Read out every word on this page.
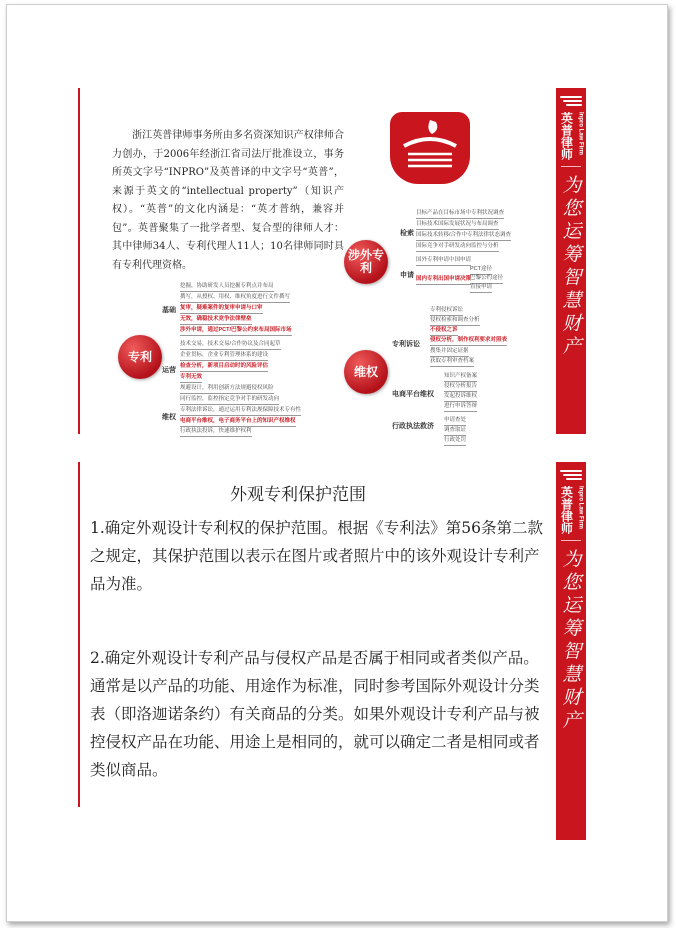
英普律师 Inpro Law Firm
为您运筹智慧财产
英普律师 Inpro Law Firm
为您运筹智慧财产
浙江英普律师事务所由多名资深知识产权律师合力创办，于2006年经浙江省司法厅批准设立，事务所英文字号“INPRO”及英普译的中文字号“英普”，来源于英文的“intellectual property”（知识产权）。“英普”的文化内涵是：“英才普纳，兼容并包”。英普聚集了一批学者型、复合型的律师人才：其中律师34人、专利代理人11人；10名律师同时具有专利代理资格。
涉外专利
检索
申请
目标产品在目标市场中专利状况调查
目标技术国际发展状况与布局调查
国际技术转移/合作中专利法律状态调查
国际竞争对手研发动向监控与分析
国外专利申请中国申请
PCT途径
巴黎公约途径
直接申请
国内专利出国申请决策
专利
基础
运营
维权
挖掘，协助研发人员挖掘专利点并布局
撰写，从授权、用权、维权角度进行文件撰写
复审，疑难案件的复审申请与口审
无效，确稳技术竞争法律壁垒
涉外申请，通过PCT/巴黎公约来布局国际市场
技术交易，技术交易/合作协议及合同起草
企业贯标，企业专利管理体系的建设
检查分析，新项目启动时的风险评估
专利无效
规避设计，利用创新方法规避侵权风险
同行监控，监控指定竞争对手的研发动向
专利法律诉讼，通过运用专利法规保障技术专有性
电商平台维权，电子商务平台上的知识产权维权
行政执法投诉，快速维护权利
维权
专利诉讼
电商平台维权
行政执法救济
专利侵权诉讼
侵权检索和调查分析
不侵权之诉
侵权分析，制作权利要求对照表
搜集并固定证据
获取专利审查档案
知识产权备案
侵权分析报告
发起投诉维权
进行申诉答辩
申请查处
调查取证
行政处罚
外观专利保护范围
1.确定外观设计专利权的保护范围。根据《专利法》第56条第二款之规定，其保护范围以表示在图片或者照片中的该外观设计专利产品为准。
2.确定外观设计专利产品与侵权产品是否属于相同或者类似产品。通常是以产品的功能、用途作为标准，同时参考国际外观设计分类表（即洛迦诺条约）有关商品的分类。如果外观设计专利产品与被控侵权产品在功能、用途上是相同的，就可以确定二者是相同或者类似商品。
